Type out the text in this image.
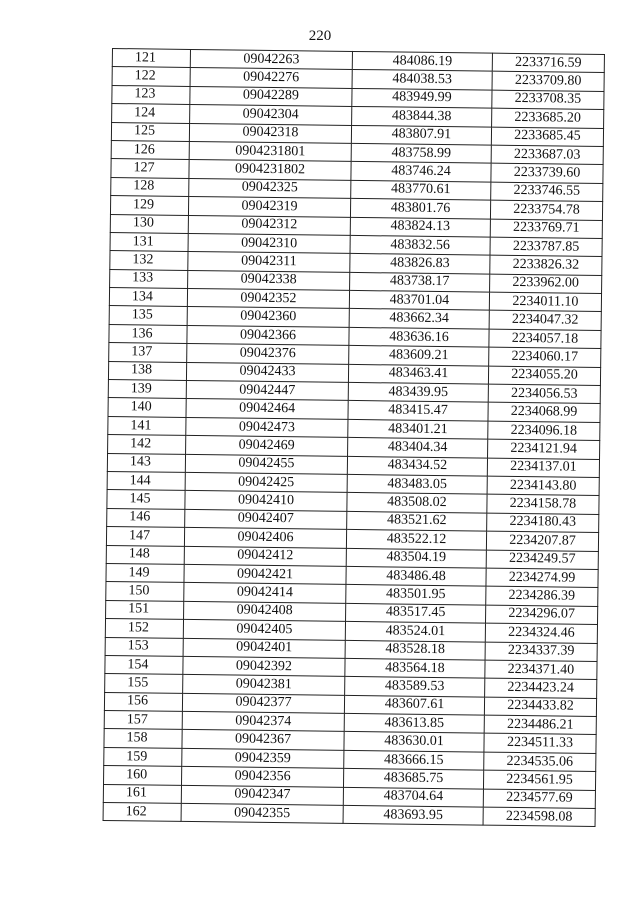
220
121	09042263	484086.19	2233716.59
122	09042276	484038.53	2233709.80
123	09042289	483949.99	2233708.35
124	09042304	483844.38	2233685.20
125	09042318	483807.91	2233685.45
126	0904231801	483758.99	2233687.03
127	0904231802	483746.24	2233739.60
128	09042325	483770.61	2233746.55
129	09042319	483801.76	2233754.78
130	09042312	483824.13	2233769.71
131	09042310	483832.56	2233787.85
132	09042311	483826.83	2233826.32
133	09042338	483738.17	2233962.00
134	09042352	483701.04	2234011.10
135	09042360	483662.34	2234047.32
136	09042366	483636.16	2234057.18
137	09042376	483609.21	2234060.17
138	09042433	483463.41	2234055.20
139	09042447	483439.95	2234056.53
140	09042464	483415.47	2234068.99
141	09042473	483401.21	2234096.18
142	09042469	483404.34	2234121.94
143	09042455	483434.52	2234137.01
144	09042425	483483.05	2234143.80
145	09042410	483508.02	2234158.78
146	09042407	483521.62	2234180.43
147	09042406	483522.12	2234207.87
148	09042412	483504.19	2234249.57
149	09042421	483486.48	2234274.99
150	09042414	483501.95	2234286.39
151	09042408	483517.45	2234296.07
152	09042405	483524.01	2234324.46
153	09042401	483528.18	2234337.39
154	09042392	483564.18	2234371.40
155	09042381	483589.53	2234423.24
156	09042377	483607.61	2234433.82
157	09042374	483613.85	2234486.21
158	09042367	483630.01	2234511.33
159	09042359	483666.15	2234535.06
160	09042356	483685.75	2234561.95
161	09042347	483704.64	2234577.69
162	09042355	483693.95	2234598.08
